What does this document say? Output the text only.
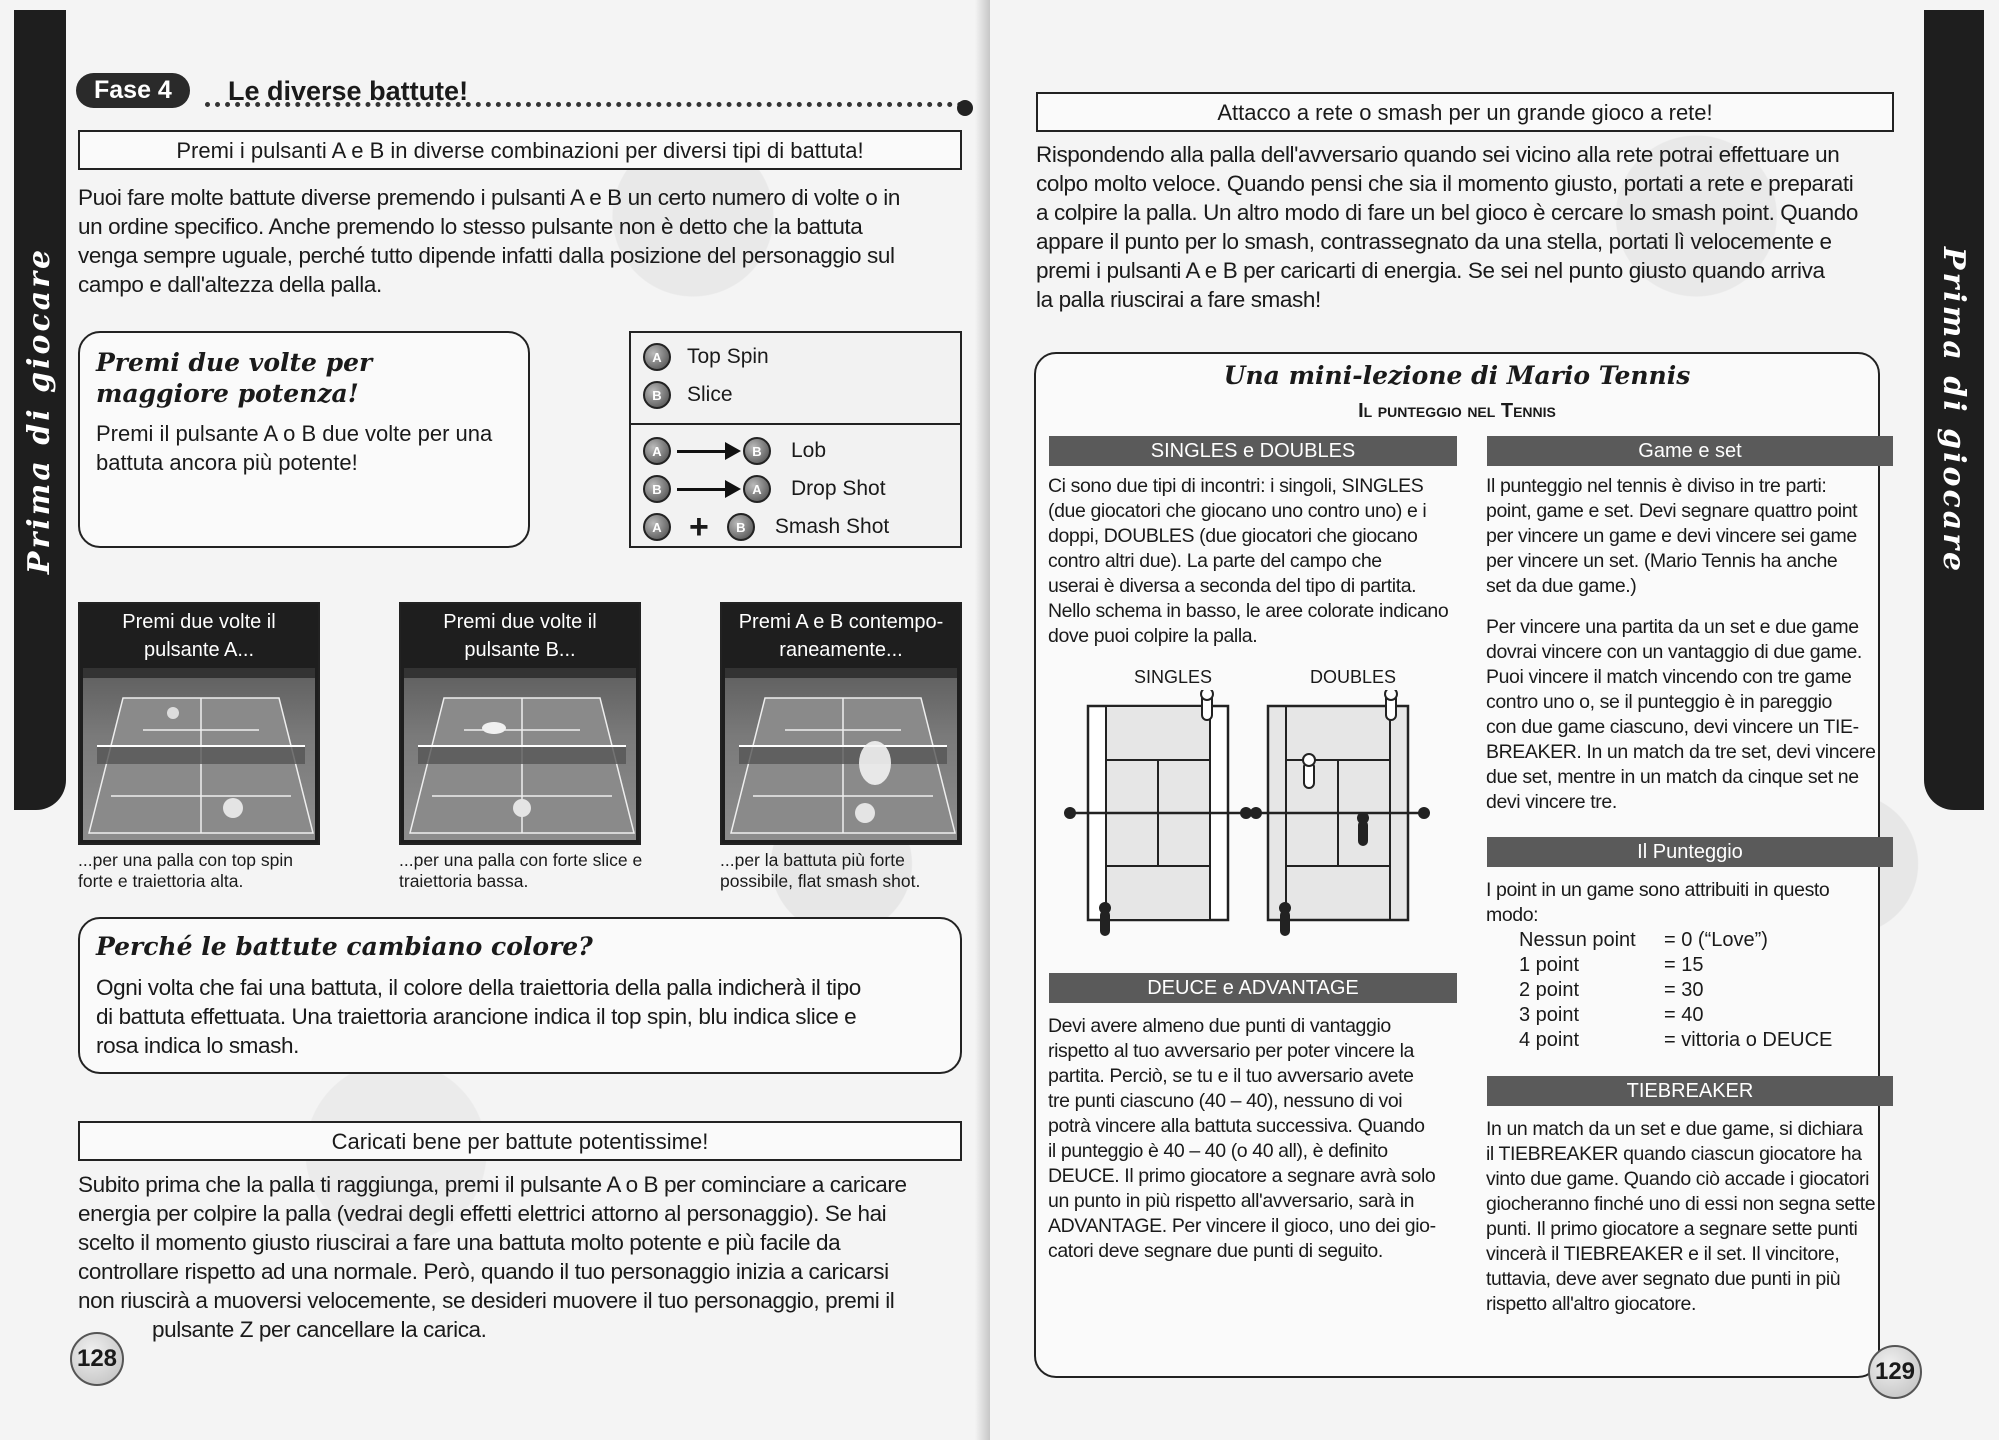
Prima di giocare
Fase 4	Le diverse battute!
Premi i pulsanti A e B in diverse combinazioni per diversi tipi di battuta!
Puoi fare molte battute diverse premendo i pulsanti A e B un certo numero di volte o in
un ordine specifico. Anche premendo lo stesso pulsante non è detto che la battuta
venga sempre uguale, perché tutto dipende infatti dalla posizione del personaggio sul
campo e dall'altezza della palla.
Premi due volte per
maggiore potenza!
Premi il pulsante A o B due volte per una
battuta ancora più potente!
A	Top Spin
B	Slice
A	B	Lob
B	A	Drop Shot
A +	B	Smash Shot
Premi due volte il
pulsante A...
...per una palla con top spin
forte e traiettoria alta.
Premi due volte il
pulsante B...
...per una palla con forte slice e
traiettoria bassa.
Premi A e B contempo-
raneamente...
...per la battuta più forte
possibile, flat smash shot.
Perché le battute cambiano colore?
Ogni volta che fai una battuta, il colore della traiettoria della palla indicherà il tipo
di battuta effettuata. Una traiettoria arancione indica il top spin, blu indica slice e
rosa indica lo smash.
Caricati bene per battute potentissime!
Subito prima che la palla ti raggiunga, premi il pulsante A o B per cominciare a caricare
energia per colpire la palla (vedrai degli effetti elettrici attorno al personaggio). Se hai
scelto il momento giusto riuscirai a fare una battuta molto potente e più facile da
controllare rispetto ad una normale. Però, quando il tuo personaggio inizia a caricarsi
non riuscirà a muoversi velocemente, se desideri muovere il tuo personaggio, premi il
pulsante Z per cancellare la carica.
128
Prima di giocare
Attacco a rete o smash per un grande gioco a rete!
Rispondendo alla palla dell'avversario quando sei vicino alla rete potrai effettuare un
colpo molto veloce. Quando pensi che sia il momento giusto, portati a rete e preparati
a colpire la palla. Un altro modo di fare un bel gioco è cercare lo smash point. Quando
appare il punto per lo smash, contrassegnato da una stella, portati lì velocemente e
premi i pulsanti A e B per caricarti di energia. Se sei nel punto giusto quando arriva
la palla riuscirai a fare smash!
Una mini-lezione di Mario Tennis
Il punteggio nel Tennis
SINGLES e DOUBLES
Ci sono due tipi di incontri: i singoli, SINGLES
(due giocatori che giocano uno contro uno) e i
doppi, DOUBLES (due giocatori che giocano
contro altri due). La parte del campo che
userai è diversa a seconda del tipo di partita.
Nello schema in basso, le aree colorate indicano
dove puoi colpire la palla.
SINGLES	DOUBLES
DEUCE e ADVANTAGE
Devi avere almeno due punti di vantaggio
rispetto al tuo avversario per poter vincere la
partita. Perciò, se tu e il tuo avversario avete
tre punti ciascuno (40 – 40), nessuno di voi
potrà vincere alla battuta successiva. Quando
il punteggio è 40 – 40 (o 40 all), è definito
DEUCE. Il primo giocatore a segnare avrà solo
un punto in più rispetto all'avversario, sarà in
ADVANTAGE. Per vincere il gioco, uno dei gio-
catori deve segnare due punti di seguito.
Game e set
Il punteggio nel tennis è diviso in tre parti:
point, game e set. Devi segnare quattro point
per vincere un game e devi vincere sei game
per vincere un set. (Mario Tennis ha anche
set da due game.)
Per vincere una partita da un set e due game
dovrai vincere con un vantaggio di due game.
Puoi vincere il match vincendo con tre game
contro uno o, se il punteggio è in pareggio
con due game ciascuno, devi vincere un TIE-
BREAKER. In un match da tre set, devi vincere
due set, mentre in un match da cinque set ne
devi vincere tre.
Il Punteggio
I point in un game sono attribuiti in questo
modo:
Nessun point	= 0 (“Love”)
1 point	= 15
2 point	= 30
3 point	= 40
4 point	= vittoria o DEUCE
TIEBREAKER
In un match da un set e due game, si dichiara
il TIEBREAKER quando ciascun giocatore ha
vinto due game. Quando ciò accade i giocatori
giocheranno finché uno di essi non segna sette
punti. Il primo giocatore a segnare sette punti
vincerà il TIEBREAKER e il set. Il vincitore,
tuttavia, deve aver segnato due punti in più
rispetto all'altro giocatore.
129
